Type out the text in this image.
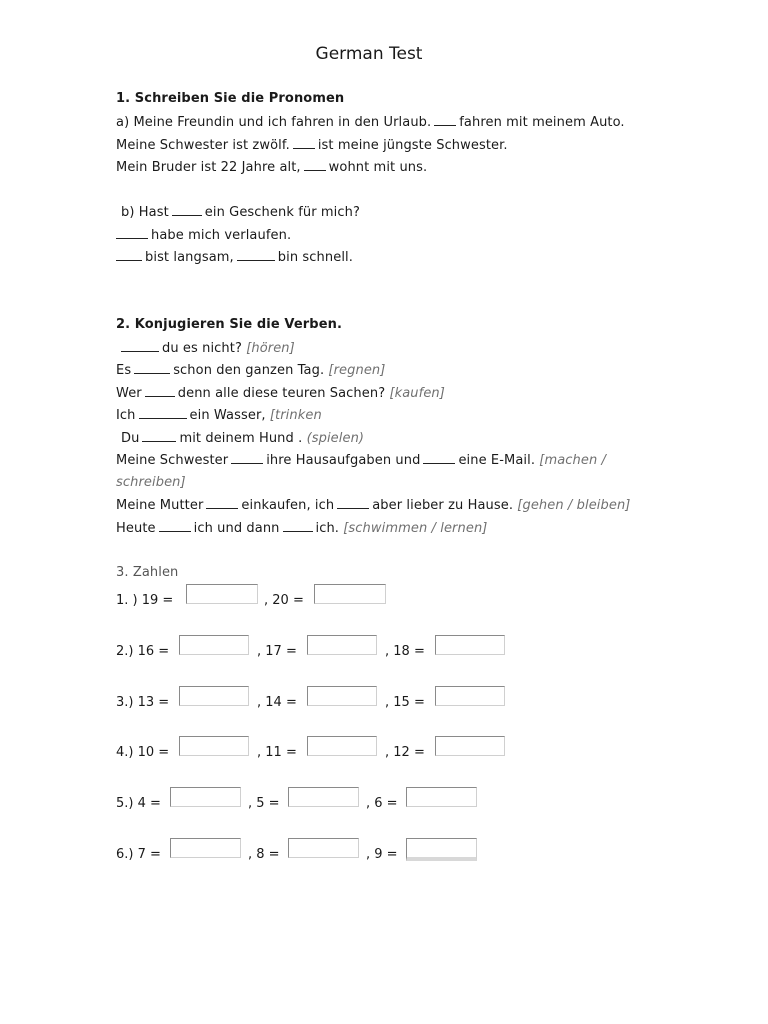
German Test
1. Schreiben Sie die Pronomen
a) Meine Freundin und ich fahren in den Urlaub. fahren mit meinem Auto.
Meine Schwester ist zwölf. ist meine jüngste Schwester.
Mein Bruder ist 22 Jahre alt, wohnt mit uns.
b) Hast	ein Geschenk für mich?
habe mich verlaufen.
bist langsam,	bin schnell.
2. Konjugieren Sie die Verben.
du es nicht? [hören]
Es	schon den ganzen Tag. [regnen]
Wer	denn alle diese teuren Sachen? [kaufen]
Ich	ein Wasser, [trinken
Du	mit deinem Hund . (spielen)
Meine Schwester	ihre Hausaufgaben und	eine E-Mail. [machen /
schreiben]
Meine Mutter	einkaufen, ich	aber lieber zu Hause. [gehen / bleiben]
Heute	ich und dann	ich. [schwimmen / lernen]
3. Zahlen
1. ) 19 =	, 20 =
2.) 16 =	, 17 =	, 18 =
3.) 13 =	, 14 =	, 15 =
4.) 10 =	, 11 =	, 12 =
5.) 4 =	, 5 =	, 6 =
6.) 7 =	, 8 =	, 9 =
